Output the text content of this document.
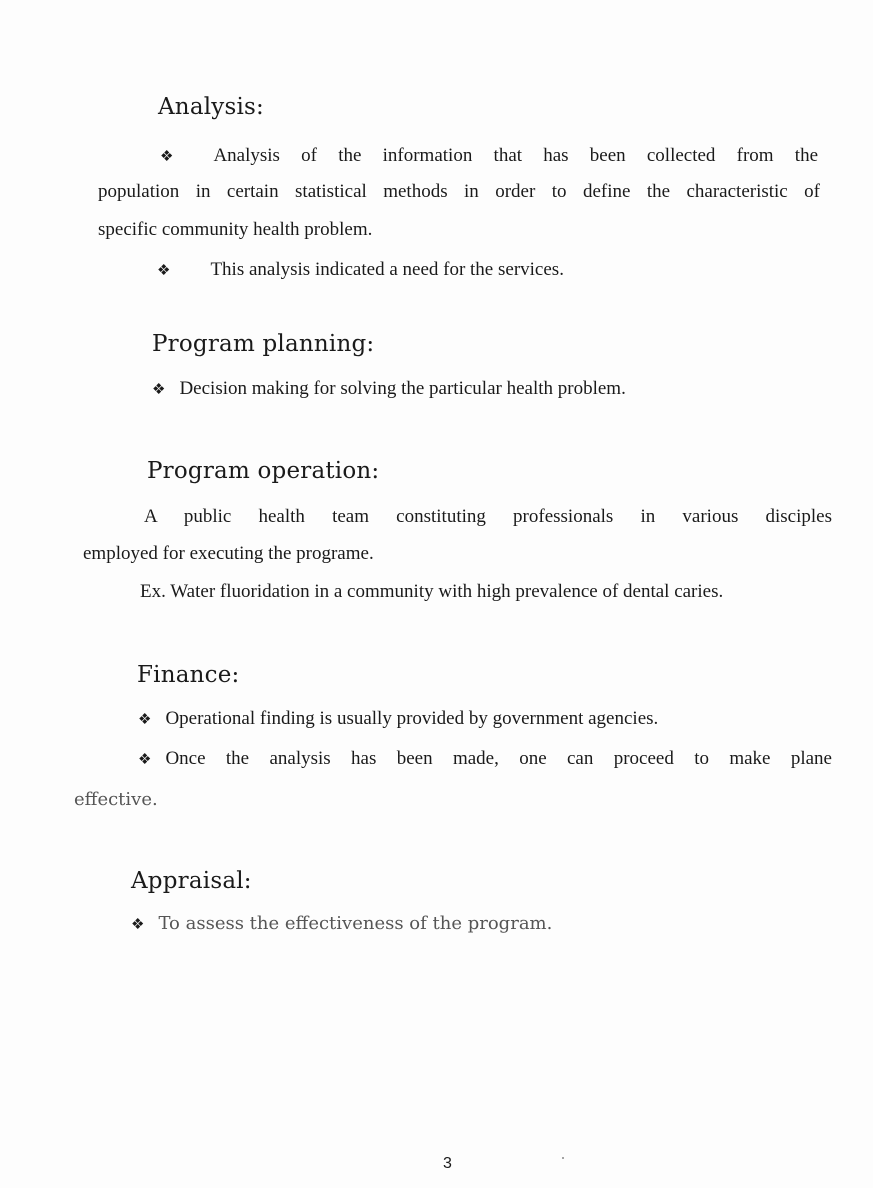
Analysis:
❖ Analysis of the information that has been collected from the
population in certain statistical methods in order to define the characteristic of
specific community health problem.
❖ This analysis indicated a need for the services.
Program planning:
❖ Decision making for solving the particular health problem.
Program operation:
A public health team constituting professionals in various disciples
employed for executing the programe.
Ex. Water fluoridation in a community with high prevalence of dental caries.
Finance:
❖ Operational finding is usually provided by government agencies.
❖ Once the analysis has been made, one can proceed to make plane
effective.
Appraisal:
❖ To assess the effectiveness of the program.
3
